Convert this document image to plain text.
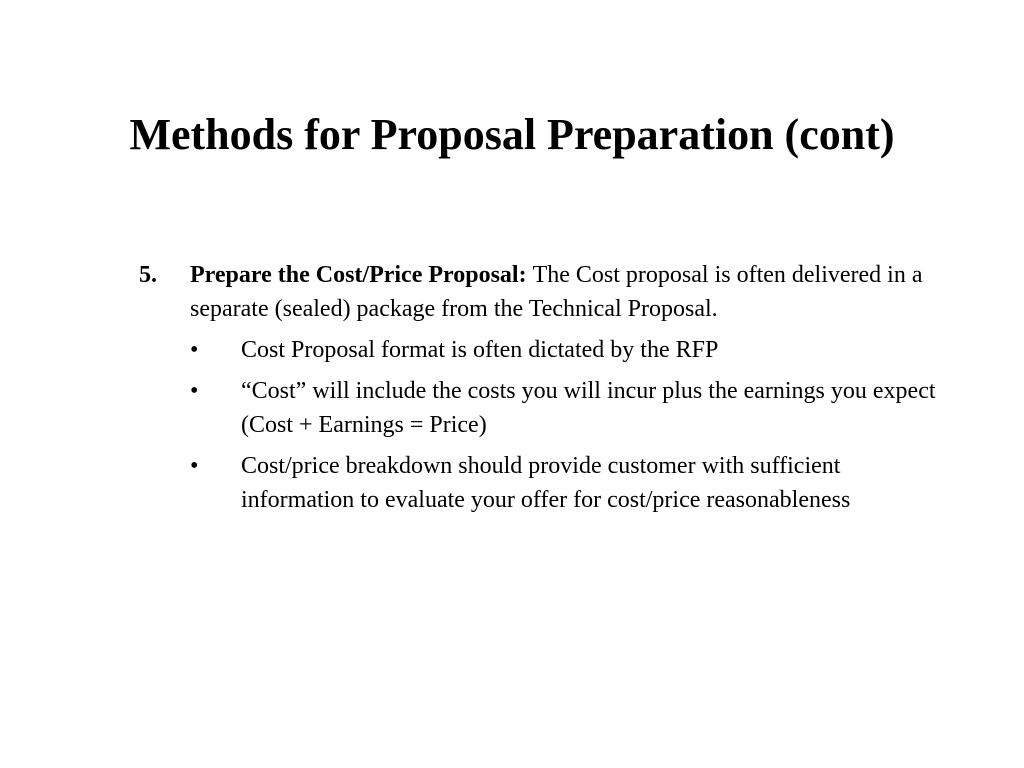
Methods for Proposal Preparation (cont)
5. Prepare the Cost/Price Proposal: The Cost proposal is often delivered in a separate (sealed) package from the Technical Proposal.
• Cost Proposal format is often dictated by the RFP
• “Cost” will include the costs you will incur plus the earnings you expect (Cost + Earnings = Price)
• Cost/price breakdown should provide customer with sufficient information to evaluate your offer for cost/price reasonableness
